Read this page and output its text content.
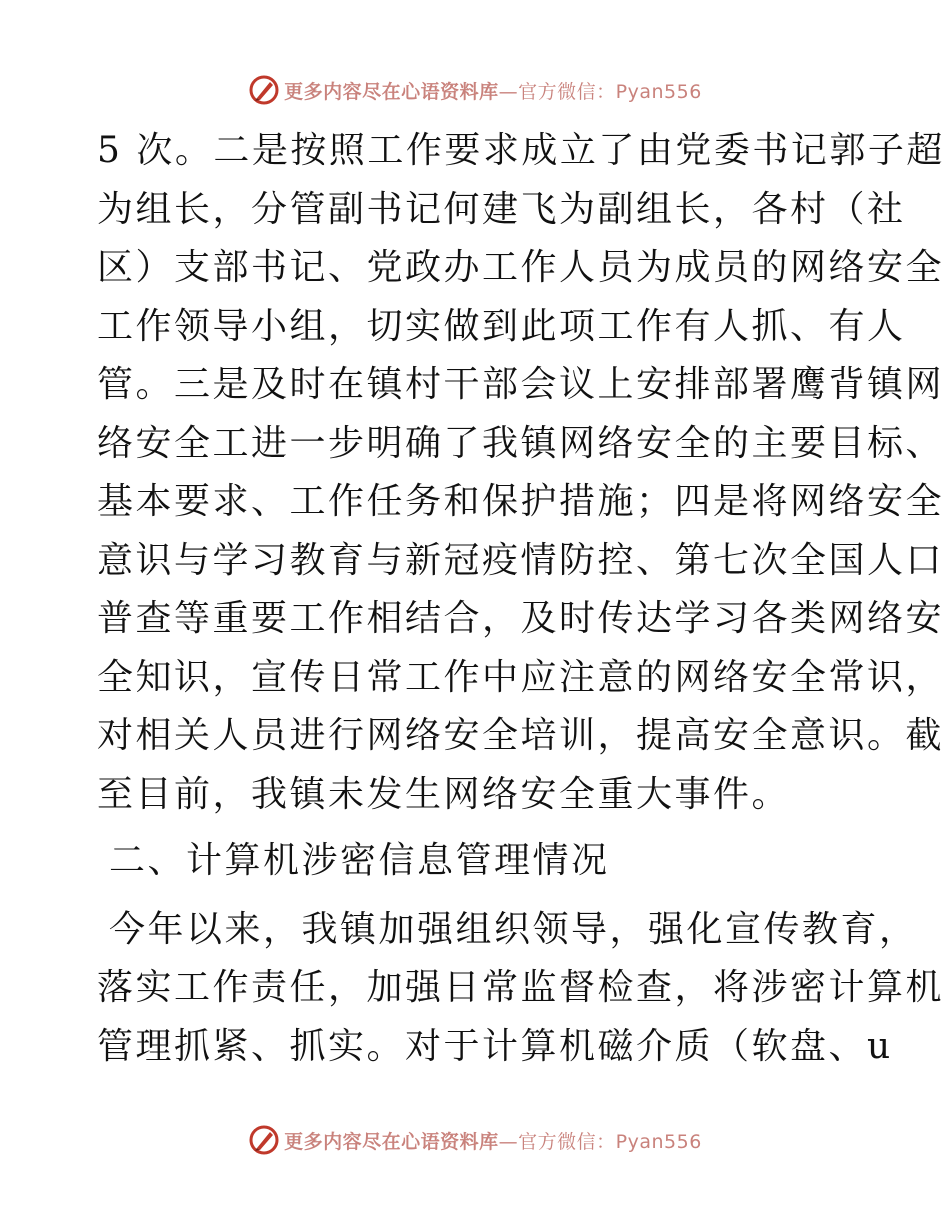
更多内容尽在心语资料库—官方微信：Pyan556
5 次。二是按照工作要求成立了由党委书记郭子超
为组长，分管副书记何建飞为副组长，各村（社
区）支部书记、党政办工作人员为成员的网络安全
工作领导小组，切实做到此项工作有人抓、有人
管。三是及时在镇村干部会议上安排部署鹰背镇网
络安全工进一步明确了我镇网络安全的主要目标、
基本要求、工作任务和保护措施；四是将网络安全
意识与学习教育与新冠疫情防控、第七次全国人口
普查等重要工作相结合，及时传达学习各类网络安
全知识，宣传日常工作中应注意的网络安全常识，
对相关人员进行网络安全培训，提高安全意识。截
至目前，我镇未发生网络安全重大事件。
二、计算机涉密信息管理情况
今年以来，我镇加强组织领导，强化宣传教育，
落实工作责任，加强日常监督检查，将涉密计算机
管理抓紧、抓实。对于计算机磁介质（软盘、u
更多内容尽在心语资料库—官方微信：Pyan556
